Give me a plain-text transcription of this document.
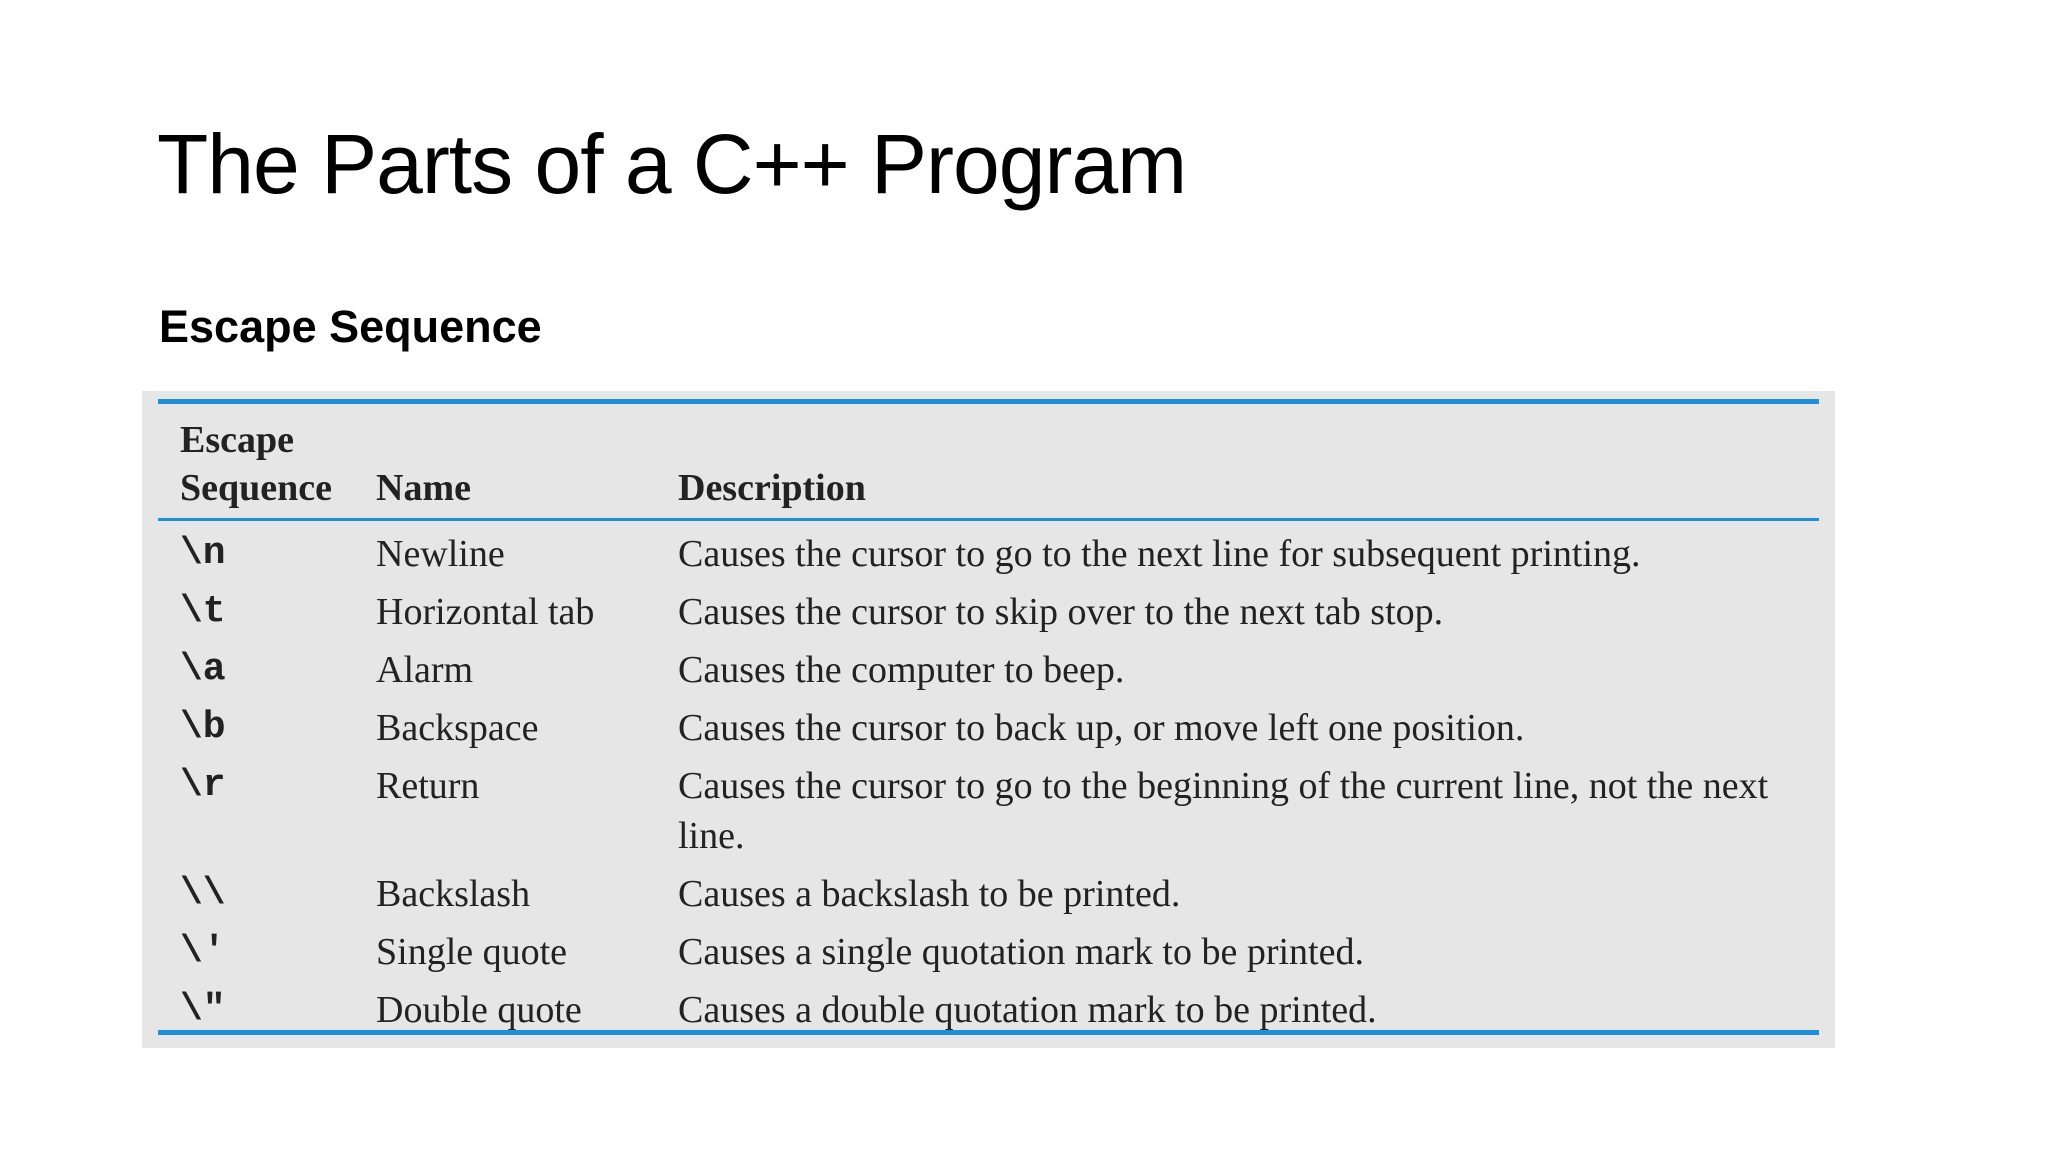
The Parts of a C++ Program
Escape Sequence
Escape
Sequence	Name	Description
\n	Newline	Causes the cursor to go to the next line for subsequent printing.
\t	Horizontal tab	Causes the cursor to skip over to the next tab stop.
\a	Alarm	Causes the computer to beep.
\b	Backspace	Causes the cursor to back up, or move left one position.
\r	Return	Causes the cursor to go to the beginning of the current line, not the next line.
\\	Backslash	Causes a backslash to be printed.
\'	Single quote	Causes a single quotation mark to be printed.
\"	Double quote	Causes a double quotation mark to be printed.
